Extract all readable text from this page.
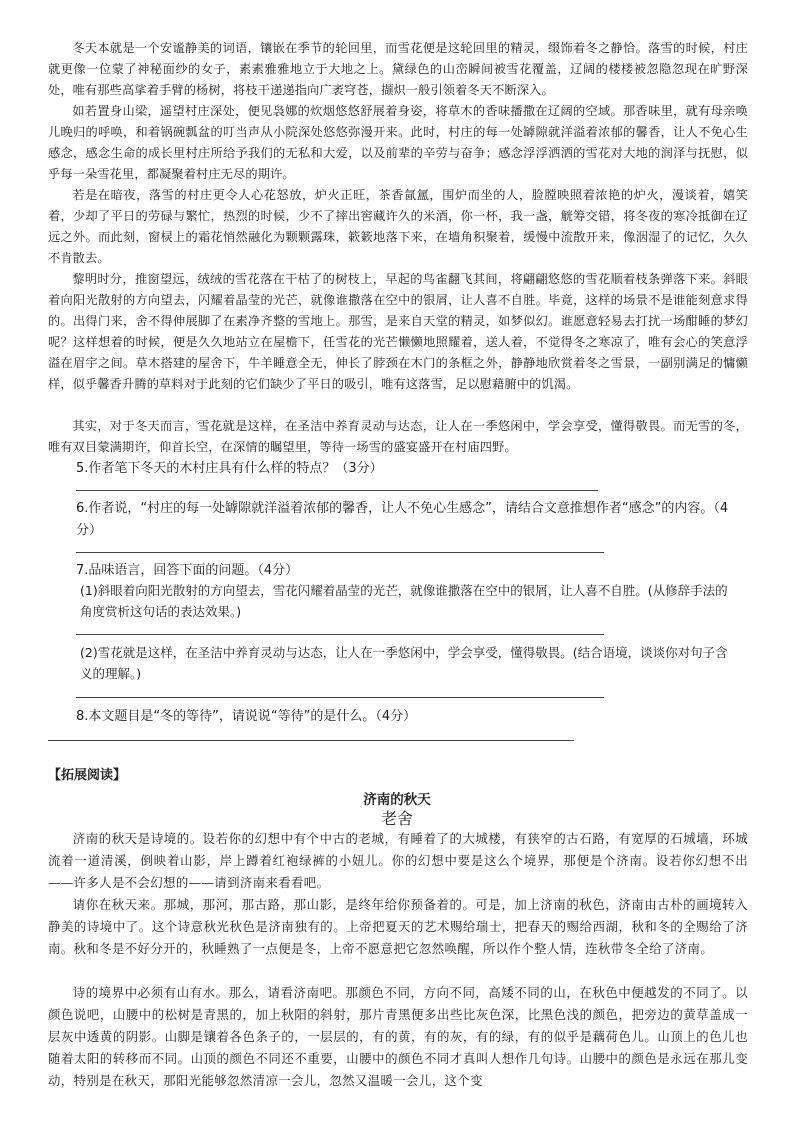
冬天本就是一个安谧静美的词语，镶嵌在季节的轮回里，而雪花便是这轮回里的精灵，缀饰着冬之静恰。落雪的时候，村庄就更像一位蒙了神秘面纱的女子，素素雅雅地立于大地之上。黛绿色的山峦瞬间被雪花覆盖，辽阔的楼楼被忽隐忽现在旷野深处，唯有那些高挲着手臂的杨树，将枝干递递指向广袤穹苍，撷炽一般引领着冬天不断深入。

如若置身山梁，遥望村庄深处，便见袅娜的炊烟悠悠舒展着身姿，将草木的香味播撒在辽阔的空域。那香味里，就有母亲唤儿晚归的呼唤，和着锅碗瓢盆的叮当声从小院深处悠悠弥漫开来。此时，村庄的每一处罅隙就洋溢着浓郁的馨香，让人不免心生感念，感念生命的成长里村庄所给予我们的无私和大爱，以及前辈的辛劳与奋争；感念浮浮洒洒的雪花对大地的润泽与抚慰，似乎每一朵雪花里，都凝聚着村庄无尽的期许。

若是在暗夜，落雪的村庄更令人心花怒放，炉火正旺，茶香氤氲，围炉而坐的人，脸膛映照着浓艳的炉火，漫谈着，嬉笑着，少却了平日的劳碌与繁忙，热烈的时候，少不了摔出窖藏许久的米酒，你一杯，我一盏，觥筹交错，将冬夜的寒冷抵御在辽远之外。而此刻，窗棂上的霜花悄然融化为颗颗露珠，簌簌地落下来，在墙角积聚着，缓慢中流散开来，像洇湿了的记忆，久久不肯散去。

黎明时分，推窗望远，绒绒的雪花落在干枯了的树枝上，早起的鸟雀翻飞其间，将翩翩悠悠的雪花顺着枝条弹落下来。斜眼着向阳光散射的方向望去，闪耀着晶莹的光芒，就像谁撒落在空中的银屑，让人喜不自胜。毕竟，这样的场景不是谁能刻意求得的。出得门来，舍不得伸展脚了在素净齐整的雪地上。那雪，是来自天堂的精灵，如梦似幻。谁愿意轻易去打扰一场酣睡的梦幻呢？这样想着的时候，便是久久地站立在屋檐下，任雪花的光芒懒懒地照耀着，送人着，不觉得冬之寒凉了，唯有会心的笑意浮溢在眉宇之间。草木搭建的屋舍下，牛羊睡意全无，伸长了脖颈在木门的条框之外，静静地欣赏着冬之雪景，一副别满足的慵懒样，似乎馨香升腾的草料对于此刻的它们缺少了平日的吸引，唯有这落雪，足以慰藉腑中的饥渴。

其实，对于冬天而言，雪花就是这样，在圣洁中养育灵动与达态，让人在一季悠闲中，学会享受，懂得敬畏。而无雪的冬，唯有双目蒙满期许，仰首长空，在深情的瞩望里，等待一场雪的盛宴盛开在村庙四野。

5.作者笔下冬天的木村庄具有什么样的特点？（3分）

6.作者说，“村庄的每一处罅隙就洋溢着浓郁的馨香，让人不免心生感念”，请结合文意推想作者“感念”的内容。（4分）

7.品味语言，回答下面的问题。（4分）

(1)斜眼着向阳光散射的方向望去，雪花闪耀着晶莹的光芒，就像谁撒落在空中的银屑，让人喜不自胜。(从修辞手法的角度赏析这句话的表达效果。)

(2)雪花就是这样，在圣洁中养育灵动与达态，让人在一季悠闲中，学会享受，懂得敬畏。(结合语境，谈谈你对句子含义的理解。)

8.本文题目是“冬的等待”，请说说“等待”的是什么。（4分）

【拓展阅读】
济南的秋天
老舍

济南的秋天是诗境的。设若你的幻想中有个中古的老城，有睡着了的大城楼，有狭窄的古石路，有宽厚的石城墙，环城流着一道清溪，倒映着山影，岸上蹲着红袍绿裤的小妞儿。你的幻想中要是这么个境界，那便是个济南。设若你幻想不出——许多人是不会幻想的——请到济南来看看吧。

请你在秋天来。那城，那河，那古路，那山影，是终年给你预备着的。可是，加上济南的秋色，济南由古朴的画境转入静美的诗境中了。这个诗意秋光秋色是济南独有的。上帝把夏天的艺术赐给瑞士，把春天的赐给西湖，秋和冬的全赐给了济南。秋和冬是不好分开的，秋睡熟了一点便是冬，上帝不愿意把它忽然唤醒，所以作个整人情，连秋带冬全给了济南。

诗的境界中必须有山有水。那么，请看济南吧。那颜色不同，方向不同，高矮不同的山，在秋色中便越发的不同了。以颜色说吧，山腰中的松树是青黑的，加上秋阳的斜射，那片青黑便多出些比灰色深，比黑色浅的颜色，把旁边的黄草盖成一层灰中透黄的阴影。山脚是镶着各色条子的，一层层的，有的黄，有的灰，有的绿，有的似乎是藕荷色儿。山顶上的色儿也随着太阳的转移而不同。山顶的颜色不同还不重要，山腰中的颜色不同才真叫人想作几句诗。山腰中的颜色是永远在那儿变动，特别是在秋天，那阳光能够忽然清凉一会儿，忽然又温暖一会儿，这个变
